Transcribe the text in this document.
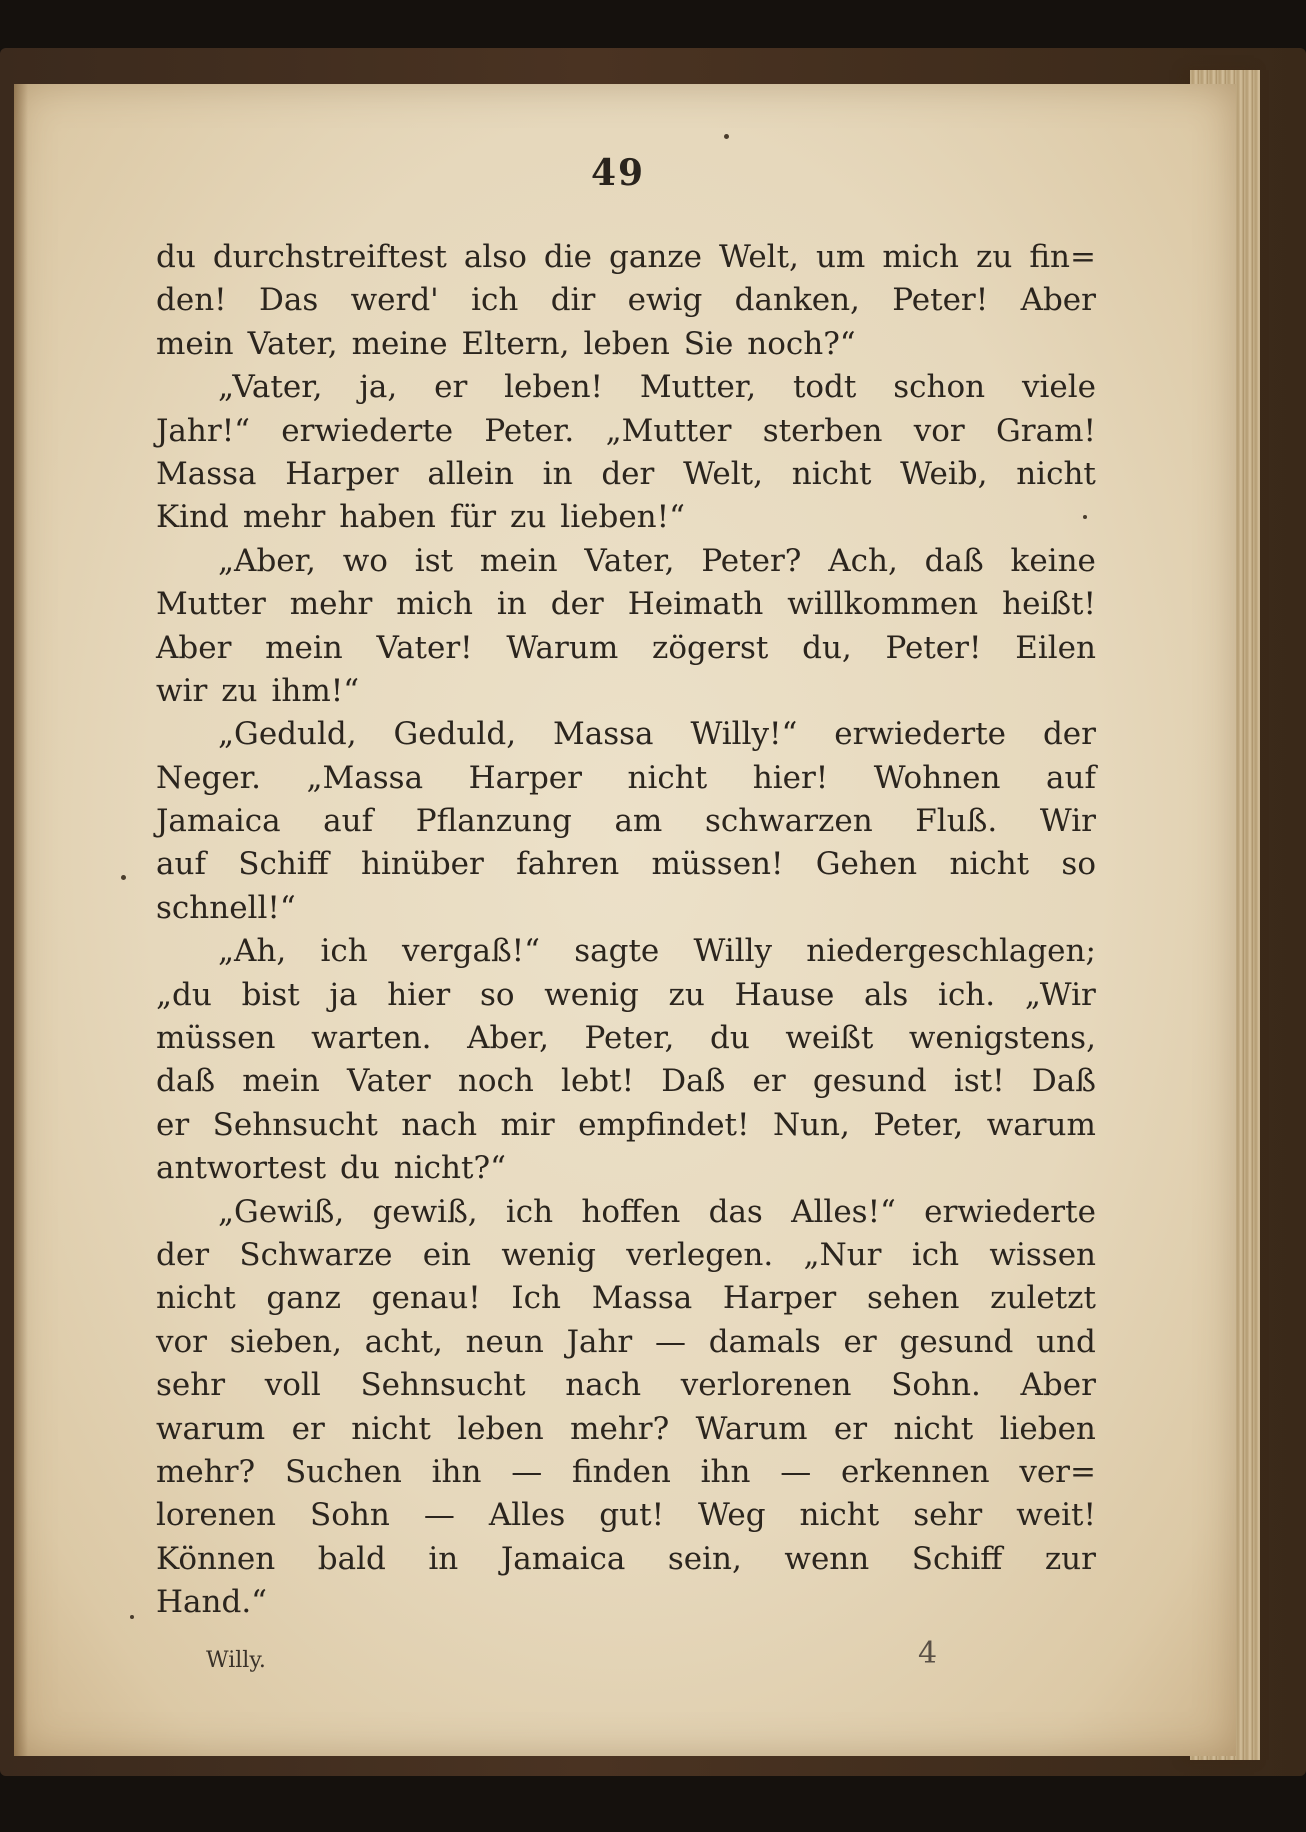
49
du durchstreiftest also die ganze Welt, um mich zu fin=
den! Das werd' ich dir ewig danken, Peter! Aber
mein Vater, meine Eltern, leben Sie noch?“
„Vater, ja, er leben! Mutter, todt schon viele
Jahr!“ erwiederte Peter. „Mutter sterben vor Gram!
Massa Harper allein in der Welt, nicht Weib, nicht
Kind mehr haben für zu lieben!“
„Aber, wo ist mein Vater, Peter? Ach, daß keine
Mutter mehr mich in der Heimath willkommen heißt!
Aber mein Vater! Warum zögerst du, Peter! Eilen
wir zu ihm!“
„Geduld, Geduld, Massa Willy!“ erwiederte der
Neger. „Massa Harper nicht hier! Wohnen auf
Jamaica auf Pflanzung am schwarzen Fluß. Wir
auf Schiff hinüber fahren müssen! Gehen nicht so
schnell!“
„Ah, ich vergaß!“ sagte Willy niedergeschlagen;
„du bist ja hier so wenig zu Hause als ich. „Wir
müssen warten. Aber, Peter, du weißt wenigstens,
daß mein Vater noch lebt! Daß er gesund ist! Daß
er Sehnsucht nach mir empfindet! Nun, Peter, warum
antwortest du nicht?“
„Gewiß, gewiß, ich hoffen das Alles!“ erwiederte
der Schwarze ein wenig verlegen. „Nur ich wissen
nicht ganz genau! Ich Massa Harper sehen zuletzt
vor sieben, acht, neun Jahr — damals er gesund und
sehr voll Sehnsucht nach verlorenen Sohn. Aber
warum er nicht leben mehr? Warum er nicht lieben
mehr? Suchen ihn — finden ihn — erkennen ver=
lorenen Sohn — Alles gut! Weg nicht sehr weit!
Können bald in Jamaica sein, wenn Schiff zur
Hand.“
Willy.	4
